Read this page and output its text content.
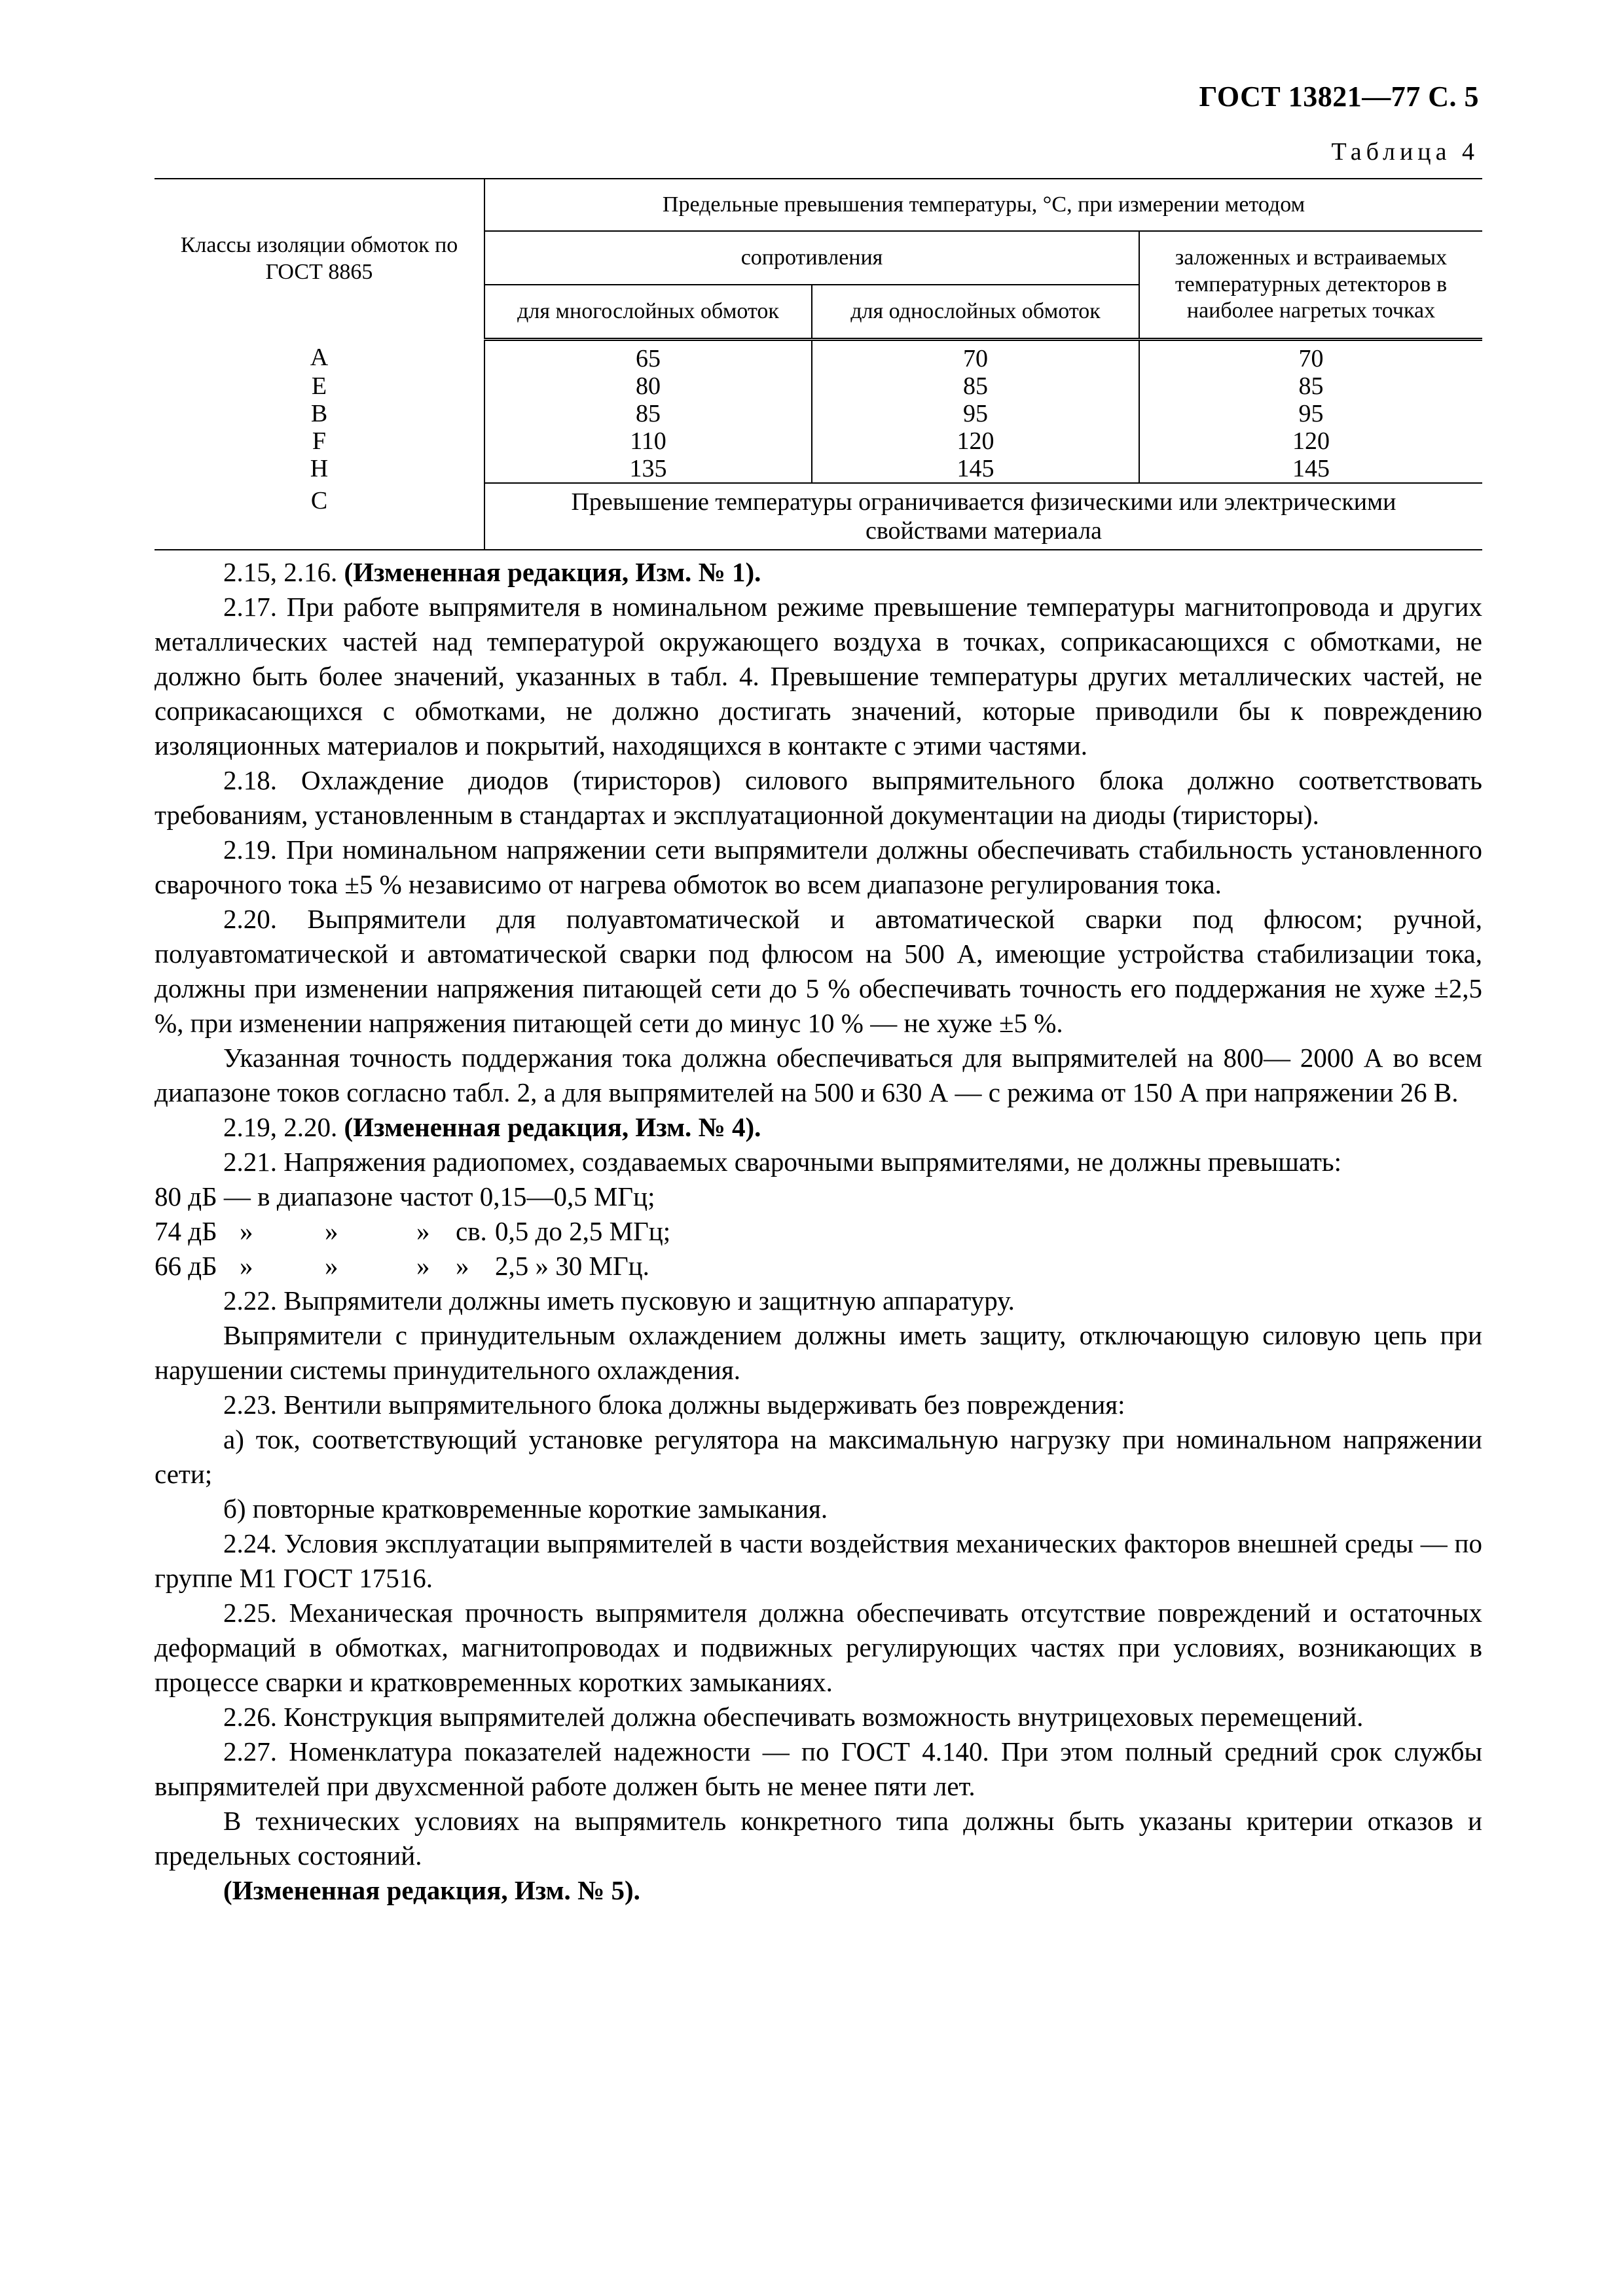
ГОСТ 13821—77 С. 5
Таблица 4
Классы изоляции обмоток по ГОСТ 8865	Предельные превышения температуры, °С, при измерении методом		
	сопротивления		заложенных и встраиваемых температурных детекторов в наиболее нагретых точках
	для многослойных обмоток	для однослойных обмоток	
А	65	70	70
Е	80	85	85
В	85	95	95
F	110	120	120
Н	135	145	145
С	Превышение температуры ограничивается физическими или электрическими свойствами материала		

2.15, 2.16. (Измененная редакция, Изм. № 1).

2.17. При работе выпрямителя в номинальном режиме превышение температуры магнитопровода и других металлических частей над температурой окружающего воздуха в точках, соприкасающихся с обмотками, не должно быть более значений, указанных в табл. 4. Превышение температуры других металлических частей, не соприкасающихся с обмотками, не должно достигать значений, которые приводили бы к повреждению изоляционных материалов и покрытий, находящихся в контакте с этими частями.

2.18. Охлаждение диодов (тиристоров) силового выпрямительного блока должно соответствовать требованиям, установленным в стандартах и эксплуатационной документации на диоды (тиристоры).

2.19. При номинальном напряжении сети выпрямители должны обеспечивать стабильность установленного сварочного тока ±5 % независимо от нагрева обмоток во всем диапазоне регулирования тока.

2.20. Выпрямители для полуавтоматической и автоматической сварки под флюсом; ручной, полуавтоматической и автоматической сварки под флюсом на 500 А, имеющие устройства стабилизации тока, должны при изменении напряжения питающей сети до 5 % обеспечивать точность его поддержания не хуже ±2,5 %, при изменении напряжения питающей сети до минус 10 % — не хуже ±5 %.

Указанная точность поддержания тока должна обеспечиваться для выпрямителей на 800— 2000 А во всем диапазоне токов согласно табл. 2, а для выпрямителей на 500 и 630 А — с режима от 150 А при напряжении 26 В.

2.19, 2.20. (Измененная редакция, Изм. № 4).

2.21. Напряжения радиопомех, создаваемых сварочными выпрямителями, не должны превышать:

80 дБ — в диапазоне частот 0,15—0,5 МГц;

74 дБ »	»	» св. 0,5 до 2,5 МГц;
66 дБ »	»	» » 2,5 » 30 МГц.

2.22. Выпрямители должны иметь пусковую и защитную аппаратуру.

Выпрямители с принудительным охлаждением должны иметь защиту, отключающую силовую цепь при нарушении системы принудительного охлаждения.

2.23. Вентили выпрямительного блока должны выдерживать без повреждения:

а) ток, соответствующий установке регулятора на максимальную нагрузку при номинальном напряжении сети;

б) повторные кратковременные короткие замыкания.

2.24. Условия эксплуатации выпрямителей в части воздействия механических факторов внешней среды — по группе М1 ГОСТ 17516.

2.25. Механическая прочность выпрямителя должна обеспечивать отсутствие повреждений и остаточных деформаций в обмотках, магнитопроводах и подвижных регулирующих частях при условиях, возникающих в процессе сварки и кратковременных коротких замыканиях.

2.26. Конструкция выпрямителей должна обеспечивать возможность внутрицеховых перемещений.

2.27. Номенклатура показателей надежности — по ГОСТ 4.140. При этом полный средний срок службы выпрямителей при двухсменной работе должен быть не менее пяти лет.

В технических условиях на выпрямитель конкретного типа должны быть указаны критерии отказов и предельных состояний.

(Измененная редакция, Изм. № 5).
